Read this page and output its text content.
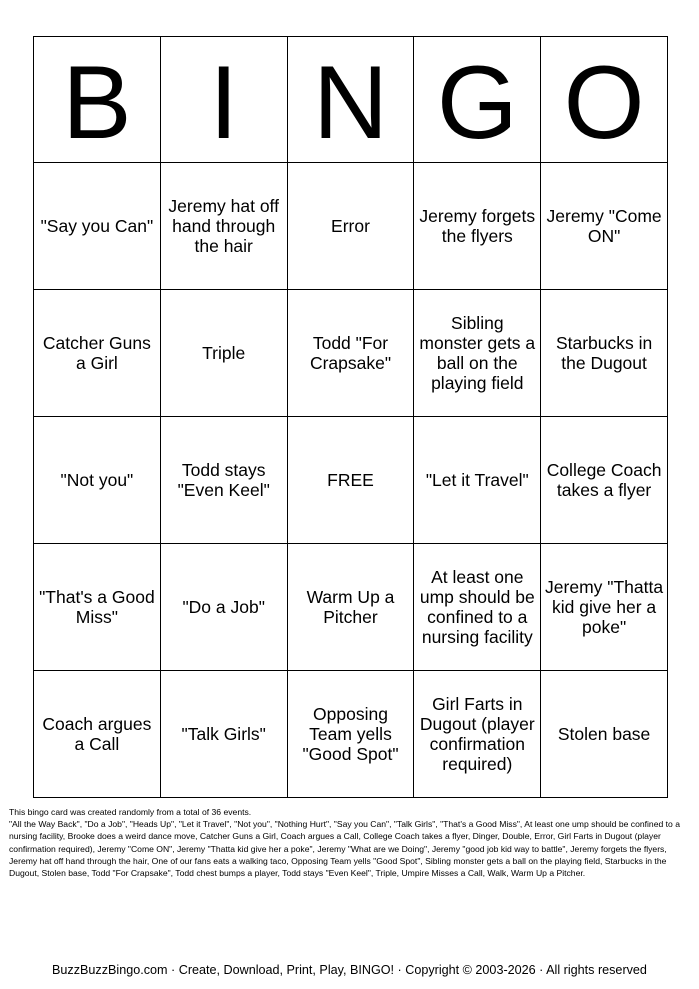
B	I	N	G	O
"Say you Can"	Jeremy hat off hand through the hair	Error	Jeremy forgets the flyers	Jeremy "Come ON"
Catcher Guns a Girl	Triple	Todd "For Crapsake"	Sibling monster gets a ball on the playing field	Starbucks in the Dugout
"Not you"	Todd stays "Even Keel"	FREE	"Let it Travel"	College Coach takes a flyer
"That's a Good Miss"	"Do a Job"	Warm Up a Pitcher	At least one ump should be confined to a nursing facility	Jeremy "Thatta kid give her a poke"
Coach argues a Call	"Talk Girls"	Opposing Team yells "Good Spot"	Girl Farts in Dugout (player confirmation required)	Stolen base

This bingo card was created randomly from a total of 36 events.

"All the Way Back", "Do a Job", "Heads Up", "Let it Travel", "Not you", "Nothing Hurt", "Say you Can", "Talk Girls", "That's a Good Miss", At least one ump should be confined to a nursing facility, Brooke does a weird dance move, Catcher Guns a Girl, Coach argues a Call, College Coach takes a flyer, Dinger, Double, Error, Girl Farts in Dugout (player confirmation required), Jeremy "Come ON", Jeremy "Thatta kid give her a poke", Jeremy "What are we Doing", Jeremy "good job kid way to battle", Jeremy forgets the flyers, Jeremy hat off hand through the hair, One of our fans eats a walking taco, Opposing Team yells "Good Spot", Sibling monster gets a ball on the playing field, Starbucks in the Dugout, Stolen base, Todd "For Crapsake", Todd chest bumps a player, Todd stays "Even Keel", Triple, Umpire Misses a Call, Walk, Warm Up a Pitcher.

BuzzBuzzBingo.com · Create, Download, Print, Play, BINGO! · Copyright © 2003-2026 · All rights reserved
